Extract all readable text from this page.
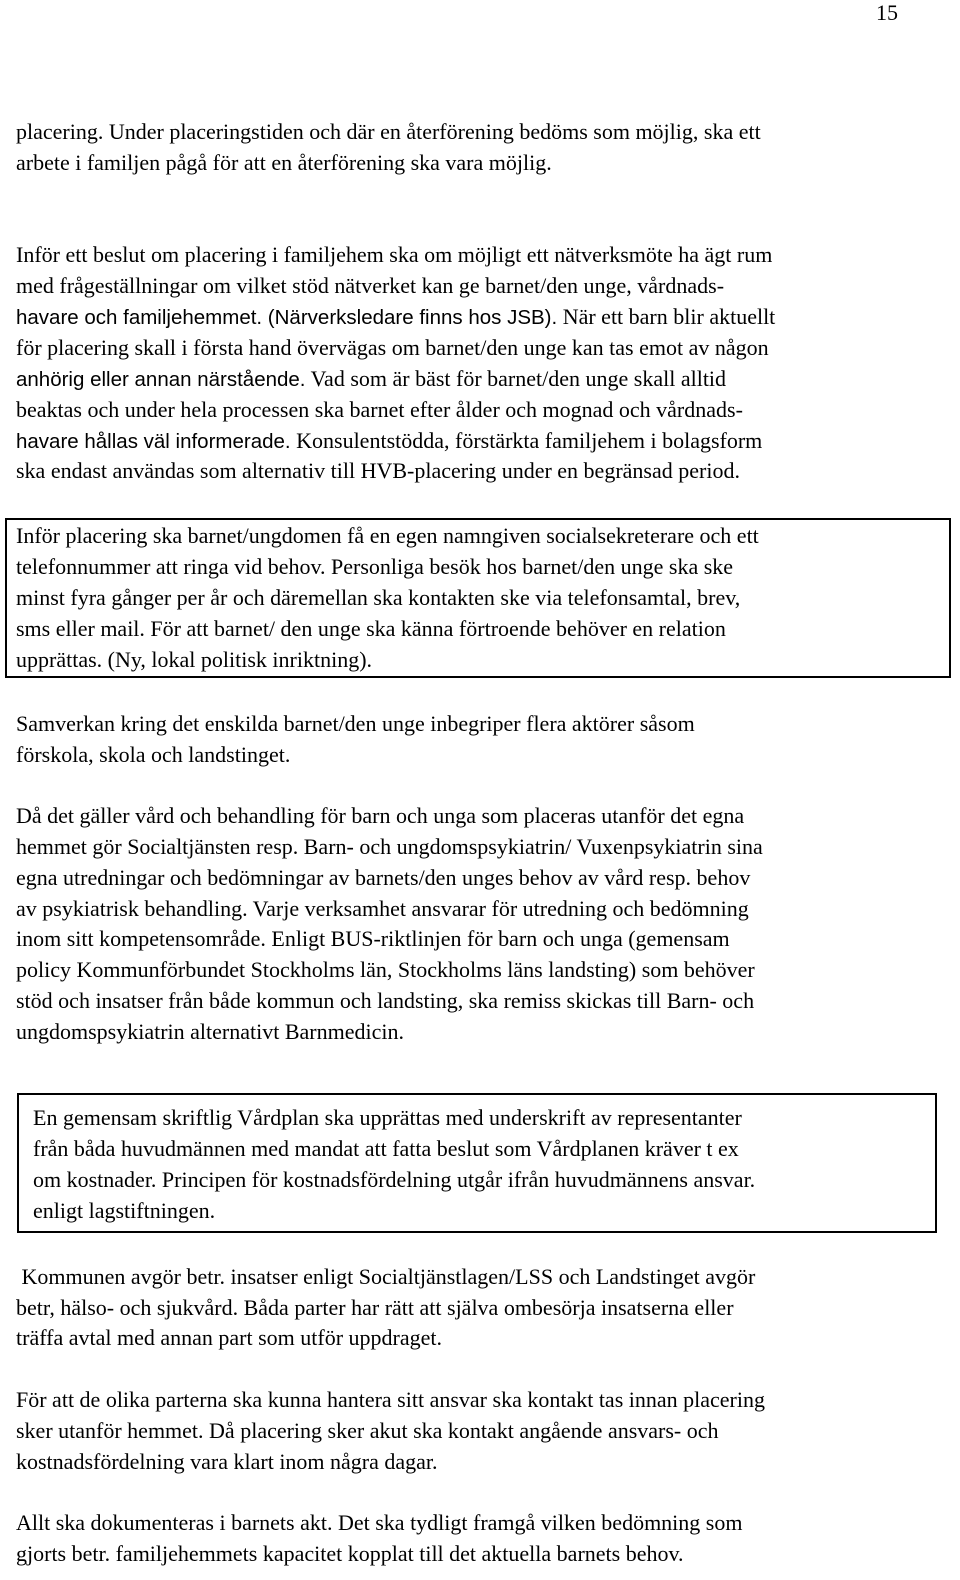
15

placering. Under placeringstiden och där en återförening bedöms som möjlig, ska ett

arbete i familjen pågå för att en återförening ska vara möjlig.

Inför ett beslut om placering i familjehem ska om möjligt ett nätverksmöte ha ägt rum

med frågeställningar om vilket stöd nätverket kan ge barnet/den unge, vårdnads-

havare och familjehemmet. (Närverksledare finns hos JSB). När ett barn blir aktuellt

för placering skall i första hand övervägas om barnet/den unge kan tas emot av någon

anhörig eller annan närstående. Vad som är bäst för barnet/den unge skall alltid

beaktas och under hela processen ska barnet efter ålder och mognad och vårdnads-

havare hållas väl informerade. Konsulentstödda, förstärkta familjehem i bolagsform

ska endast användas som alternativ till HVB-placering under en begränsad period.

Inför placering ska barnet/ungdomen få en egen namngiven socialsekreterare och ett

telefonnummer att ringa vid behov. Personliga besök hos barnet/den unge ska ske

minst fyra gånger per år och däremellan ska kontakten ske via telefonsamtal, brev,

sms eller mail. För att barnet/ den unge ska känna förtroende behöver en relation

upprättas. (Ny, lokal politisk inriktning).

Samverkan kring det enskilda barnet/den unge inbegriper flera aktörer såsom

förskola, skola och landstinget.

Då det gäller vård och behandling för barn och unga som placeras utanför det egna

hemmet gör Socialtjänsten resp. Barn- och ungdomspsykiatrin/ Vuxenpsykiatrin sina

egna utredningar och bedömningar av barnets/den unges behov av vård resp. behov

av psykiatrisk behandling. Varje verksamhet ansvarar för utredning och bedömning

inom sitt kompetensområde. Enligt BUS-riktlinjen för barn och unga (gemensam

policy Kommunförbundet Stockholms län, Stockholms läns landsting) som behöver

stöd och insatser från både kommun och landsting, ska remiss skickas till Barn- och

ungdomspsykiatrin alternativt Barnmedicin.

En gemensam skriftlig Vårdplan ska upprättas med underskrift av representanter

från båda huvudmännen med mandat att fatta beslut som Vårdplanen kräver t ex

om kostnader. Principen för kostnadsfördelning utgår ifrån huvudmännens ansvar.

enligt lagstiftningen.

Kommunen avgör betr. insatser enligt Socialtjänstlagen/LSS och Landstinget avgör

betr, hälso- och sjukvård. Båda parter har rätt att själva ombesörja insatserna eller

träffa avtal med annan part som utför uppdraget.

För att de olika parterna ska kunna hantera sitt ansvar ska kontakt tas innan placering

sker utanför hemmet. Då placering sker akut ska kontakt angående ansvars- och

kostnadsfördelning vara klart inom några dagar.

Allt ska dokumenteras i barnets akt. Det ska tydligt framgå vilken bedömning som

gjorts betr. familjehemmets kapacitet kopplat till det aktuella barnets behov.
